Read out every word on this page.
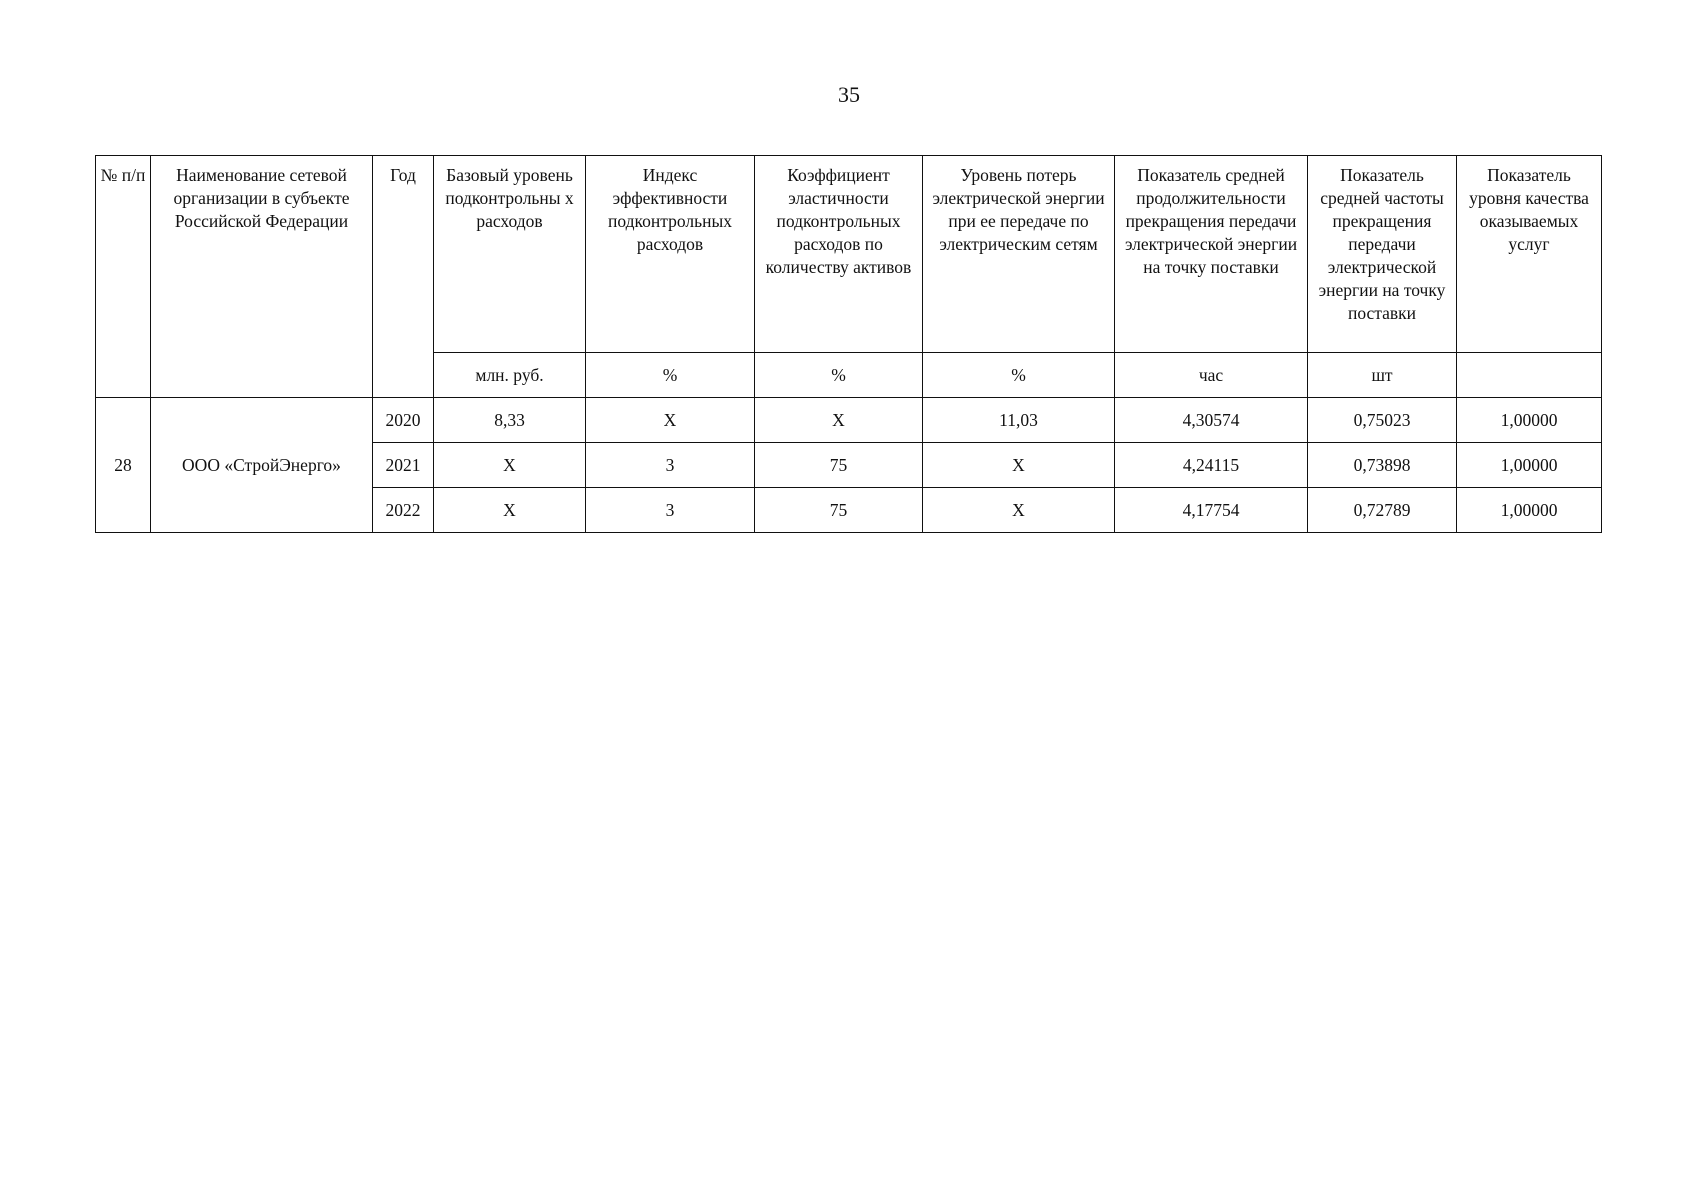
35
№ п/п	Наименование сетевой организации в субъекте Российской Федерации	Год	Базовый уровень подконтрольны х расходов	Индекс эффективности подконтрольных расходов	Коэффициент эластичности подконтрольных расходов по количеству активов	Уровень потерь электрической энергии при ее передаче по электрическим сетям	Показатель средней продолжительности прекращения передачи электрической энергии на точку поставки	Показатель средней частоты прекращения передачи электрической энергии на точку поставки	Показатель уровня качества оказываемых услуг

			млн. руб.	%	%	%	час	шт	
28	ООО «СтройЭнерго»	2020	8,33	X	X	11,03	4,30574	0,75023	1,00000
		2021	X	3	75	X	4,24115	0,73898	1,00000
		2022	X	3	75	X	4,17754	0,72789	1,00000
